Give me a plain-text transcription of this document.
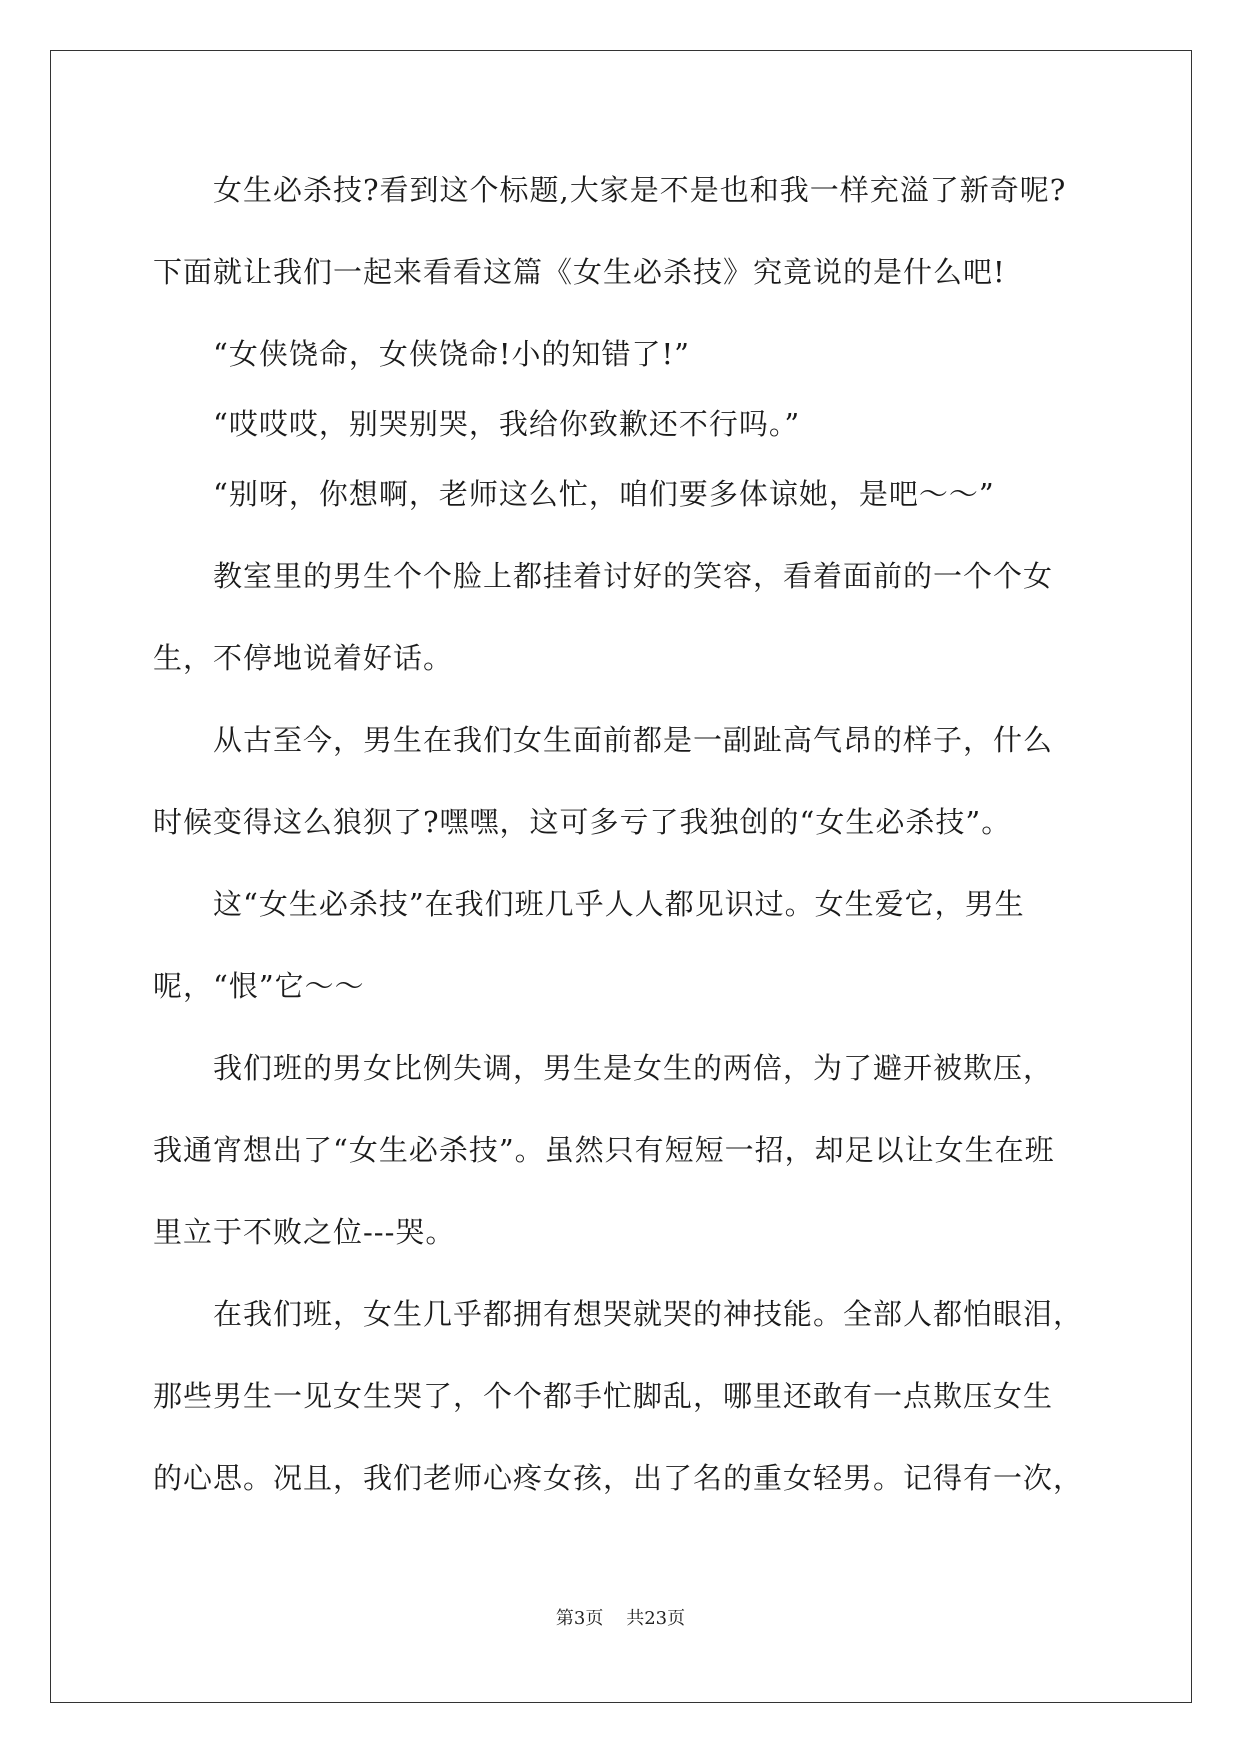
女生必杀技?看到这个标题,大家是不是也和我一样充溢了新奇呢?
下面就让我们一起来看看这篇《女生必杀技》究竟说的是什么吧!
“女侠饶命，女侠饶命!小的知错了!”
“哎哎哎，别哭别哭，我给你致歉还不行吗。”
“别呀，你想啊，老师这么忙，咱们要多体谅她，是吧～～”
教室里的男生个个脸上都挂着讨好的笑容，看着面前的一个个女
生，不停地说着好话。
从古至今，男生在我们女生面前都是一副趾高气昂的样子，什么
时候变得这么狼狈了?嘿嘿，这可多亏了我独创的“女生必杀技”。
这“女生必杀技”在我们班几乎人人都见识过。女生爱它，男生
呢，“恨”它～～
我们班的男女比例失调，男生是女生的两倍，为了避开被欺压，
我通宵想出了“女生必杀技”。虽然只有短短一招，却足以让女生在班
里立于不败之位---哭。
在我们班，女生几乎都拥有想哭就哭的神技能。全部人都怕眼泪，
那些男生一见女生哭了，个个都手忙脚乱，哪里还敢有一点欺压女生
的心思。况且，我们老师心疼女孩，出了名的重女轻男。记得有一次，
第3页    共23页
